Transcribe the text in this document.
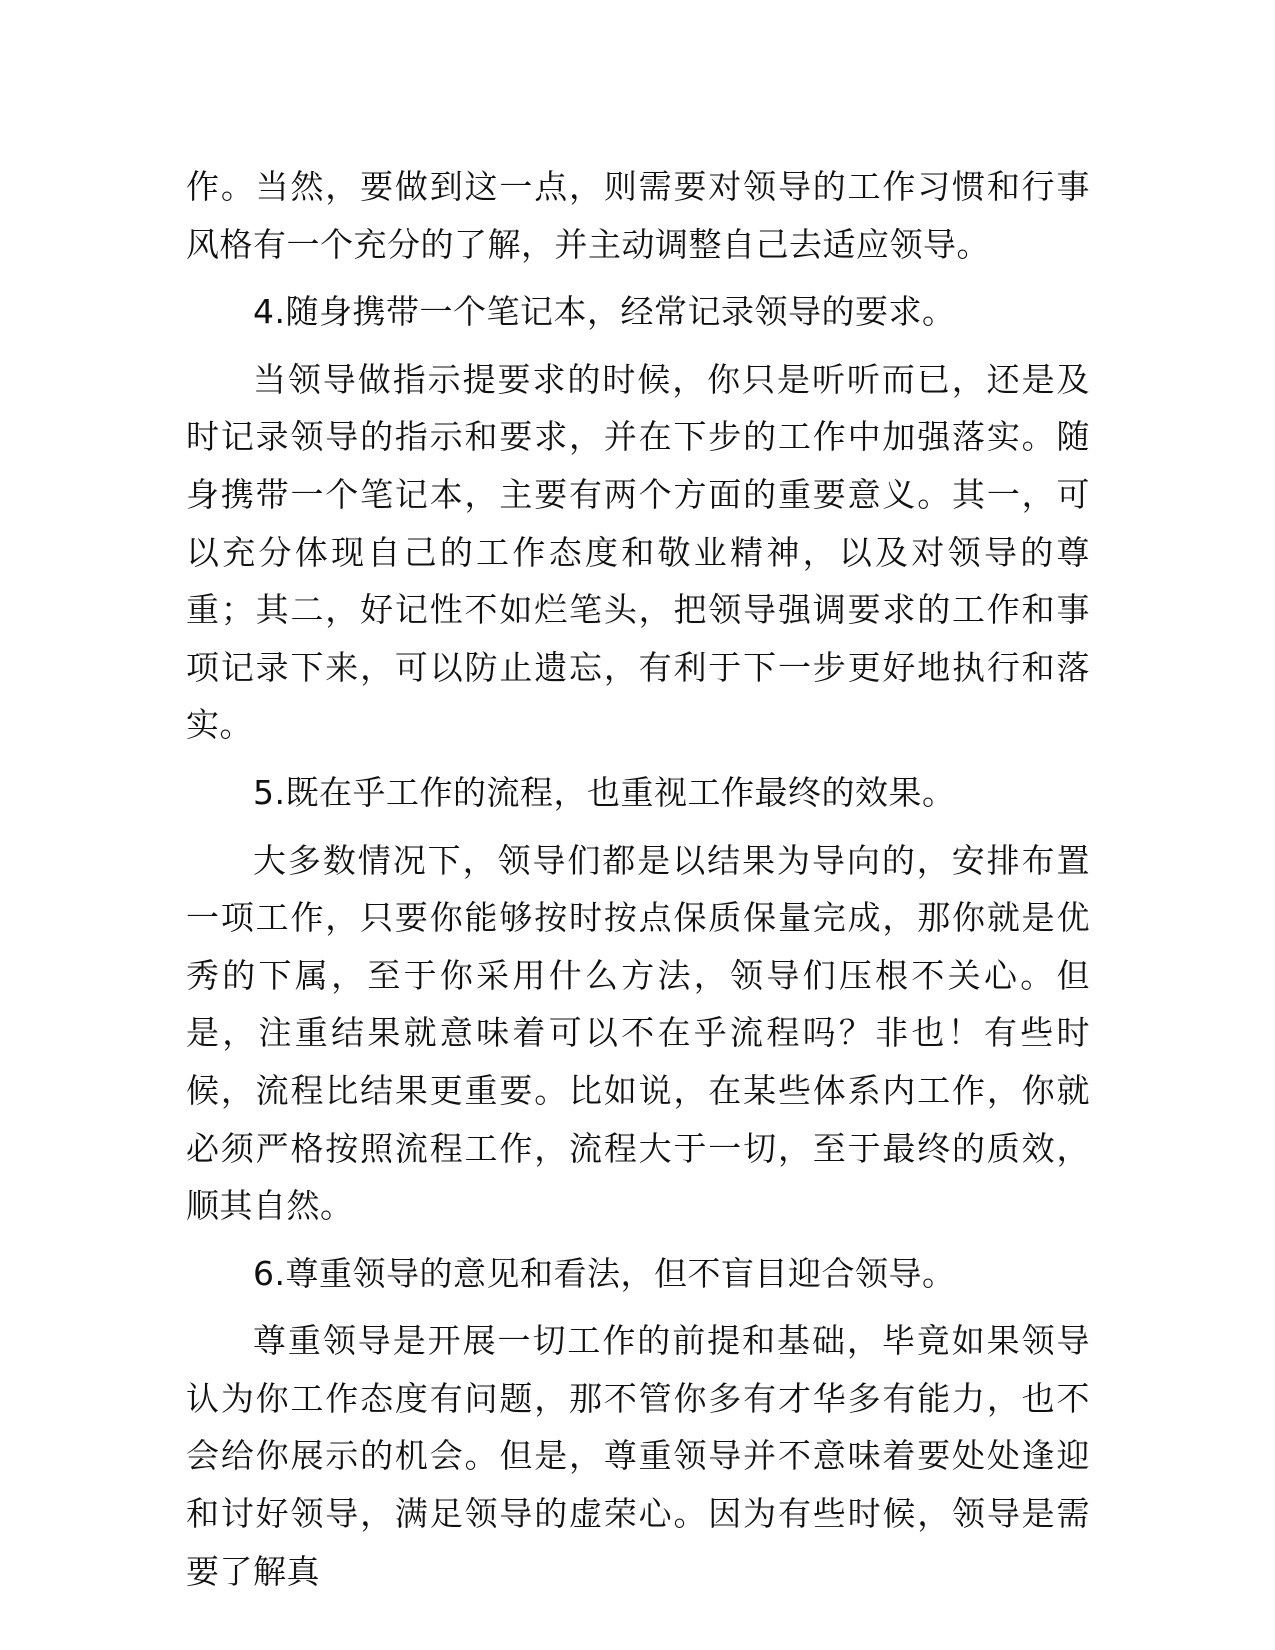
作。当然，要做到这一点，则需要对领导的工作习惯和行事风格有一个充分的了解，并主动调整自己去适应领导。

4.随身携带一个笔记本，经常记录领导的要求。

当领导做指示提要求的时候，你只是听听而已，还是及时记录领导的指示和要求，并在下步的工作中加强落实。随身携带一个笔记本，主要有两个方面的重要意义。其一，可以充分体现自己的工作态度和敬业精神，以及对领导的尊重；其二，好记性不如烂笔头，把领导强调要求的工作和事项记录下来，可以防止遗忘，有利于下一步更好地执行和落实。

5.既在乎工作的流程，也重视工作最终的效果。

大多数情况下，领导们都是以结果为导向的，安排布置一项工作，只要你能够按时按点保质保量完成，那你就是优秀的下属，至于你采用什么方法，领导们压根不关心。但是，注重结果就意味着可以不在乎流程吗？非也！有些时候，流程比结果更重要。比如说，在某些体系内工作，你就必须严格按照流程工作，流程大于一切，至于最终的质效，顺其自然。

6.尊重领导的意见和看法，但不盲目迎合领导。

尊重领导是开展一切工作的前提和基础，毕竟如果领导认为你工作态度有问题，那不管你多有才华多有能力，也不会给你展示的机会。但是，尊重领导并不意味着要处处逢迎和讨好领导，满足领导的虚荣心。因为有些时候，领导是需要了解真
